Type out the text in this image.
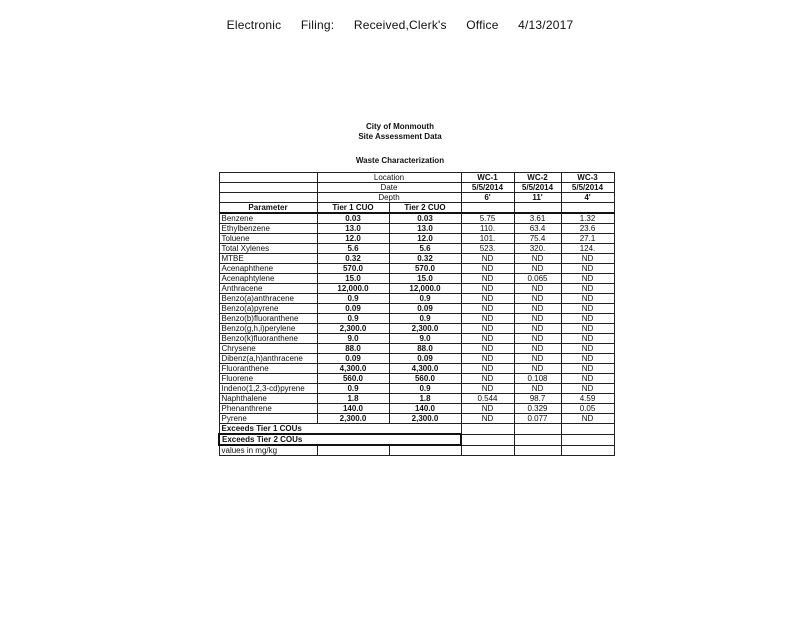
Electronic Filing: Received,Clerk's Office 4/13/2017
City of Monmouth
Site Assessment Data
Waste Characterization
	Location		WC-1	WC-2	WC-3
	Date		5/5/2014	5/5/2014	5/5/2014
	Depth		6'	11'	4'
Parameter	Tier 1 CUO	Tier 2 CUO			
Benzene	0.03	0.03	5.75	3.61	1.32
Ethylbenzene	13.0	13.0	110.	63.4	23.6
Toluene	12.0	12.0	101.	75.4	27.1
Total Xylenes	5.6	5.6	523.	320.	124.
MTBE	0.32	0.32	ND	ND	ND
Acenaphthene	570.0	570.0	ND	ND	ND
Acenaphtylene	15.0	15.0	ND	0.065	ND
Anthracene	12,000.0	12,000.0	ND	ND	ND
Benzo(a)anthracene	0.9	0.9	ND	ND	ND
Benzo(a)pyrene	0.09	0.09	ND	ND	ND
Benzo(b)fluoranthene	0.9	0.9	ND	ND	ND
Benzo(g,h,i)perylene	2,300.0	2,300.0	ND	ND	ND
Benzo(k)fluoranthene	9.0	9.0	ND	ND	ND
Chrysene	88.0	88.0	ND	ND	ND
Dibenz(a,h)anthracene	0.09	0.09	ND	ND	ND
Fluoranthene	4,300.0	4,300.0	ND	ND	ND
Fluorene	560.0	560.0	ND	0.108	ND
Indeno(1,2,3-cd)pyrene	0.9	0.9	ND	ND	ND
Naphthalene	1.8	1.8	0.544	98.7	4.59
Phenanthrene	140.0	140.0	ND	0.329	0.05
Pyrene	2,300.0	2,300.0	ND	0.077	ND
Exceeds Tier 1 COUs					
Exceeds Tier 2 COUs					
values in mg/kg					
